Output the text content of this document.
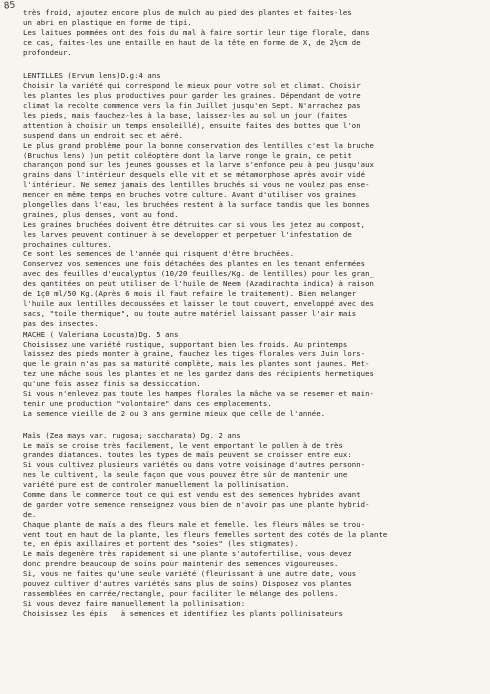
85
très froid, ajoutez encore plus de mulch au pied des plantes et faites-les
un abri en plastique en forme de tipi.
Les laitues pommées ont des fois du mal à faire sortir leur tige florale, dans
ce cas, faites-les une entaille en haut de la tête en forme de X, de 2½cm de
profondeur.
LENTILLES (Ervum lens)D.g:4 ans
Choisir la variété qui correspond le mieux pour votre sol et climat. Choisir
les plantes les plus productives pour garder les graines. Dépendant de votre
climat la recolte commence vers la fin Juillet jusqu'en Sept. N'arrachez pas
les pieds, mais fauchez-les à la base, laissez-les au sol un jour (faites
attention à choisir un temps ensoleillé), ensuite faites des bottes que l'on
suspend dans un endroit sec et aéré.
Le plus grand problème pour la bonne conservation des lentilles c'est la bruche
(Bruchus lens) )un petit coléoptère dont la larve ronge le grain, ce petit
charançon pond sur les jeunes gousses et la larve s'enfonce peu à peu jusqu'aux
grains dans l'intérieur desquels elle vit et se métamorphose après avoir vidé
l'intérieur. Ne semez jamais des lentilles bruchés si vous ne voulez pas ense-
mencer en même temps en bruches votre culture. Avant d'utiliser vos graines
plongelles dans l'eau, les bruchées restent à la surface tandis que les bonnes
graines, plus denses, vont au fond.
Les graines bruchées doivent être détruites car si vous les jetez au compost,
les larves peuvent continuer à se developper et perpetuer l'infestation de
prochaines cultures.
Ce sont les semences de l'année qui risquent d'être bruchées.
Conservez vos semences une fois détachées des plantes en les tenant enfermées
avec des feuilles d'eucalyptus (10/20 feuilles/Kg. de lentilles) pour les gran_
des qantitées on peut utiliser de l'huile de Neem (Azadirachta indica) à raison
de 1ç0 ml/50 Kg.(Après 6 mois il faut refaire le traitement). Bien melanger
l'huile aux lentilles decoussées et laisser le tout couvert, enveloppé avec des
sacs, "toile thermique", ou toute autre matériel laissant passer l'air mais
pas des insectes.
MACHE ( Valeriana Locusta)Dg. 5 ans
Choisissez une variété rustique, supportant bien les froids. Au printemps
laissez des pieds monter à graine, fauchez les tiges florales vers Juin lors-
que le grain n'as pas sa maturité complète, mais les plantes sont jaunes. Met-
tez une mâche sous les plantes et ne les gardez dans des récipients hermetiques
qu'une fois assez finis sa dessiccation.
Si vous n'enlevez pas toute les hampes florales la mâche va se resemer et main-
tenir une production "volontaire" dans ces emplacements.
La semence vieille de 2 ou 3 ans germine mieux que celle de l'année.
Maïs (Zea mays var. rugosa; saccharata) Dg. 2 ans
Le maïs se croise très facilement, le vent emportant le pollen à de très
grandes diatances. toutes les types de maïs peuvent se croisser entre eux:
Si vous cultivez plusieurs variétés ou dans votre voisinage d'autres personn-
nes le cultivent, la seule façon que vous pouvez être sûr de mantenir une
variété pure est de controler manuellement la pollinisation.
Comme dans le commerce tout ce qui est vendu est des semences hybrides avant
de garder votre semence renseignez vous bien de n'avoir pas une plante hybrid-
de.
Chaque plante de maïs a des fleurs male et femelle. les fleurs mâles se trou-
vent tout en haut de la plante, les fleurs femelles sortent des cotés de la plante
te, en épis axillaires et portent des "soies" (les stigmates).
Le maïs degenère très rapidement si une plante s'autofertilise, vous devez
donc prendre beaucoup de soins pour maintenir des semences vigoureuses.
Si, vous ne faites qu'une seule variété (fleurissant à une autre date, vous
pouvez cultiver d'autres variétés sans plus de soins) Disposez vos plantes
rassemblées en carrée/rectangle, pour faciliter le mélange des pollens.
Si vous devez faire manuellement la pollinisation:
Choisissez les épis   à semences et identifiez les plants pollinisateurs
